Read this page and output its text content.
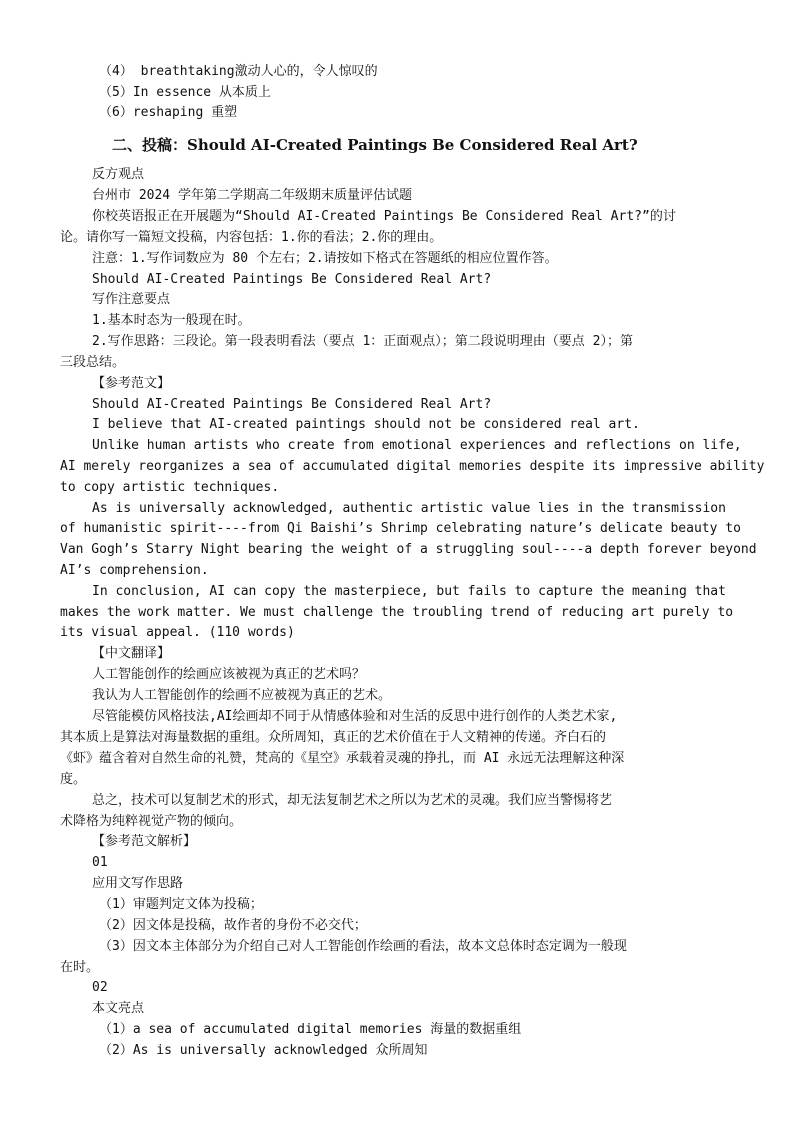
（4） breathtaking激动人心的，令人惊叹的
（5）In essence 从本质上
（6）reshaping 重塑
二、投稿：Should AI-Created Paintings Be Considered Real Art?
反方观点
台州市 2024 学年第二学期高二年级期末质量评估试题
你校英语报正在开展题为“Should AI-Created Paintings Be Considered Real Art?”的讨
论。请你写一篇短文投稿，内容包括：1.你的看法；2.你的理由。
注意：1.写作词数应为 80 个左右；2.请按如下格式在答题纸的相应位置作答。
Should AI-Created Paintings Be Considered Real Art?
写作注意要点
1.基本时态为一般现在时。
2.写作思路：三段论。第一段表明看法（要点 1：正面观点）；第二段说明理由（要点 2）；第
三段总结。
【参考范文】
Should AI-Created Paintings Be Considered Real Art?
I believe that AI-created paintings should not be considered real art.
Unlike human artists who create from emotional experiences and reflections on life,
AI merely reorganizes a sea of accumulated digital memories despite its impressive ability
to copy artistic techniques.
As is universally acknowledged, authentic artistic value lies in the transmission
of humanistic spirit----from Qi Baishi’s Shrimp celebrating nature’s delicate beauty to
Van Gogh’s Starry Night bearing the weight of a struggling soul----a depth forever beyond
AI’s comprehension.
In conclusion, AI can copy the masterpiece, but fails to capture the meaning that
makes the work matter. We must challenge the troubling trend of reducing art purely to
its visual appeal. (110 words)
【中文翻译】
人工智能创作的绘画应该被视为真正的艺术吗？
我认为人工智能创作的绘画不应被视为真正的艺术。
尽管能模仿风格技法,AI绘画却不同于从情感体验和对生活的反思中进行创作的人类艺术家,
其本质上是算法对海量数据的重组。众所周知，真正的艺术价值在于人文精神的传递。齐白石的
《虾》蕴含着对自然生命的礼赞，梵高的《星空》承载着灵魂的挣扎，而 AI 永远无法理解这种深
度。
总之，技术可以复制艺术的形式，却无法复制艺术之所以为艺术的灵魂。我们应当警惕将艺
术降格为纯粹视觉产物的倾向。
【参考范文解析】
01
应用文写作思路
（1）审题判定文体为投稿；
（2）因文体是投稿，故作者的身份不必交代；
（3）因文本主体部分为介绍自己对人工智能创作绘画的看法，故本文总体时态定调为一般现
在时。
02
本文亮点
（1）a sea of accumulated digital memories 海量的数据重组
（2）As is universally acknowledged 众所周知
